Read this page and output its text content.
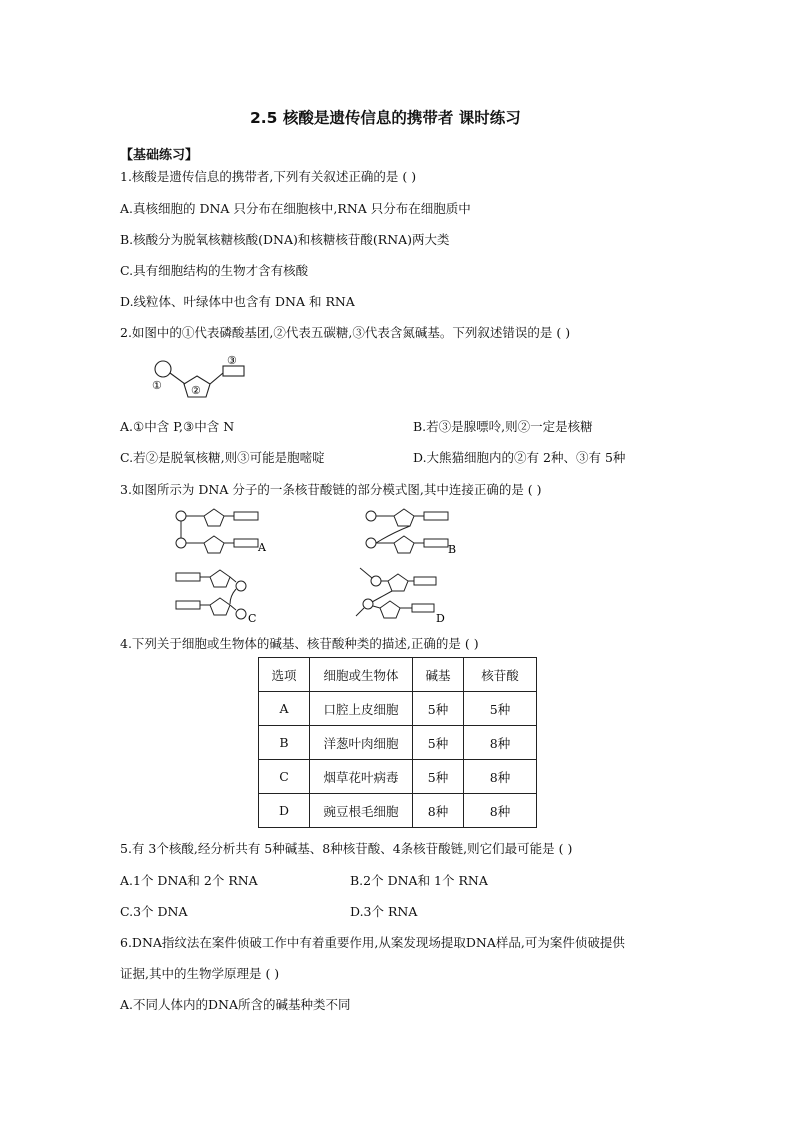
2.5 核酸是遗传信息的携带者 课时练习
【基础练习】
1.核酸是遗传信息的携带者,下列有关叙述正确的是 ( )
A.真核细胞的 DNA 只分布在细胞核中,RNA 只分布在细胞质中
B.核酸分为脱氧核糖核酸(DNA)和核糖核苷酸(RNA)两大类
C.具有细胞结构的生物才含有核酸
D.线粒体、叶绿体中也含有 DNA 和 RNA
2.如图中的①代表磷酸基团,②代表五碳糖,③代表含氮碱基。下列叙述错误的是 ( )
①	②
③
A.①中含 P,③中含 N	B.若③是腺嘌呤,则②一定是核糖
C.若②是脱氧核糖,则③可能是胞嘧啶	D.大熊猫细胞内的②有 2种、③有 5种
3.如图所示为 DNA 分子的一条核苷酸链的部分模式图,其中连接正确的是 ( )
A	B
C	D
4.下列关于细胞或生物体的碱基、核苷酸种类的描述,正确的是 ( )
选项	细胞或生物体	碱基	核苷酸
A	口腔上皮细胞	5种	5种
B	洋葱叶肉细胞	5种	8种
C	烟草花叶病毒	5种	8种
D	豌豆根毛细胞	8种	8种
5.有 3个核酸,经分析共有 5种碱基、8种核苷酸、4条核苷酸链,则它们最可能是 ( )
A.1个 DNA和 2个 RNA	B.2个 DNA和 1个 RNA
C.3个 DNA	D.3个 RNA
6.DNA指纹法在案件侦破工作中有着重要作用,从案发现场提取DNA样品,可为案件侦破提供
证据,其中的生物学原理是 ( )
A.不同人体内的DNA所含的碱基种类不同
